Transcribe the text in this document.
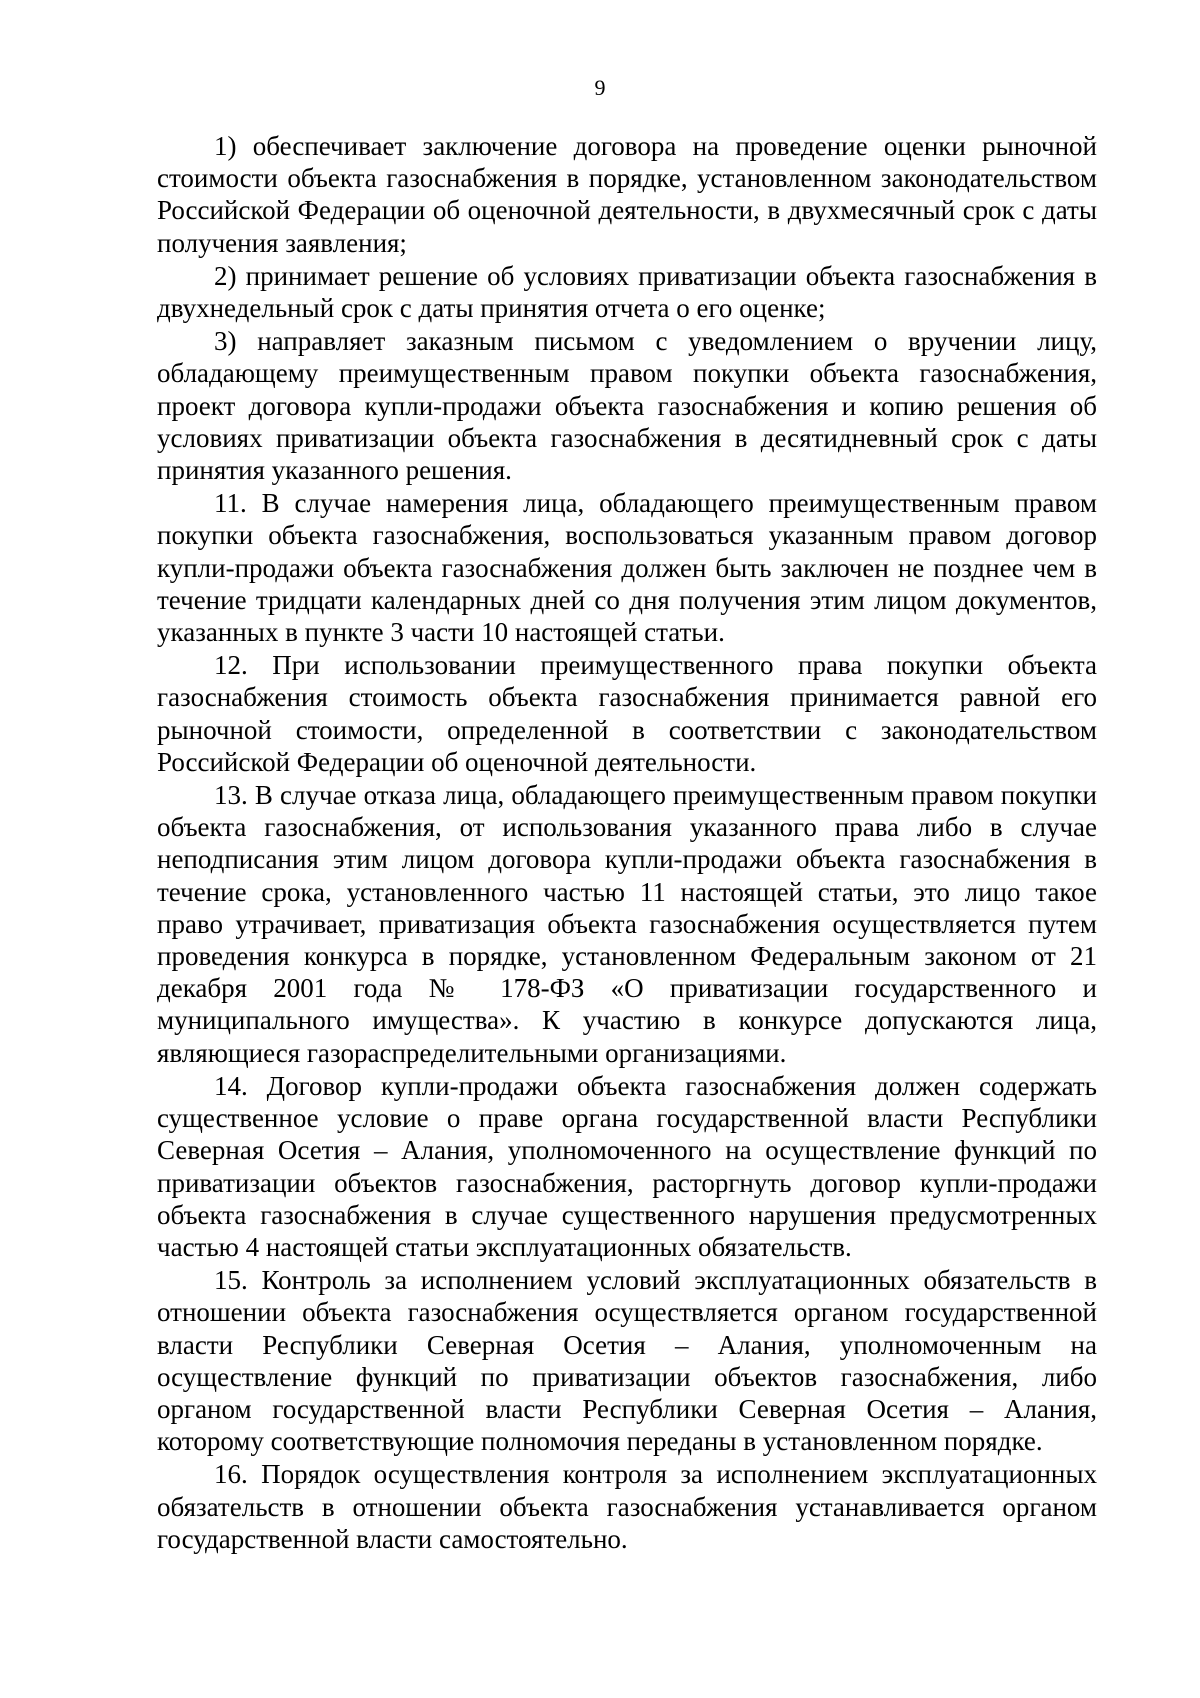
9

1) обеспечивает заключение договора на проведение оценки рыночной стоимости объекта газоснабжения в порядке, установленном законодательством Российской Федерации об оценочной деятельности, в двухмесячный срок с даты получения заявления;

2) принимает решение об условиях приватизации объекта газоснабжения в двухнедельный срок с даты принятия отчета о его оценке;

3) направляет заказным письмом с уведомлением о вручении лицу, обладающему преимущественным правом покупки объекта газоснабжения, проект договора купли-продажи объекта газоснабжения и копию решения об условиях приватизации объекта газоснабжения в десятидневный срок с даты принятия указанного решения.

11. В случае намерения лица, обладающего преимущественным правом покупки объекта газоснабжения, воспользоваться указанным правом договор купли-продажи объекта газоснабжения должен быть заключен не позднее чем в течение тридцати календарных дней со дня получения этим лицом документов, указанных в пункте 3 части 10 настоящей статьи.

12. При использовании преимущественного права покупки объекта газоснабжения стоимость объекта газоснабжения принимается равной его рыночной стоимости, определенной в соответствии с законодательством Российской Федерации об оценочной деятельности.

13. В случае отказа лица, обладающего преимущественным правом покупки объекта газоснабжения, от использования указанного права либо в случае неподписания этим лицом договора купли-продажи объекта газоснабжения в течение срока, установленного частью 11 настоящей статьи, это лицо такое право утрачивает, приватизация объекта газоснабжения осуществляется путем проведения конкурса в порядке, установленном Федеральным законом от 21 декабря 2001 года № 178-ФЗ «О приватизации государственного и муниципального имущества». К участию в конкурсе допускаются лица, являющиеся газораспределительными организациями.

14. Договор купли-продажи объекта газоснабжения должен содержать существенное условие о праве органа государственной власти Республики Северная Осетия – Алания, уполномоченного на осуществление функций по приватизации объектов газоснабжения, расторгнуть договор купли-продажи объекта газоснабжения в случае существенного нарушения предусмотренных частью 4 настоящей статьи эксплуатационных обязательств.

15. Контроль за исполнением условий эксплуатационных обязательств в отношении объекта газоснабжения осуществляется органом государственной власти Республики Северная Осетия – Алания, уполномоченным на осуществление функций по приватизации объектов газоснабжения, либо органом государственной власти Республики Северная Осетия – Алания, которому соответствующие полномочия переданы в установленном порядке.

16. Порядок осуществления контроля за исполнением эксплуатационных обязательств в отношении объекта газоснабжения устанавливается органом государственной власти самостоятельно.
